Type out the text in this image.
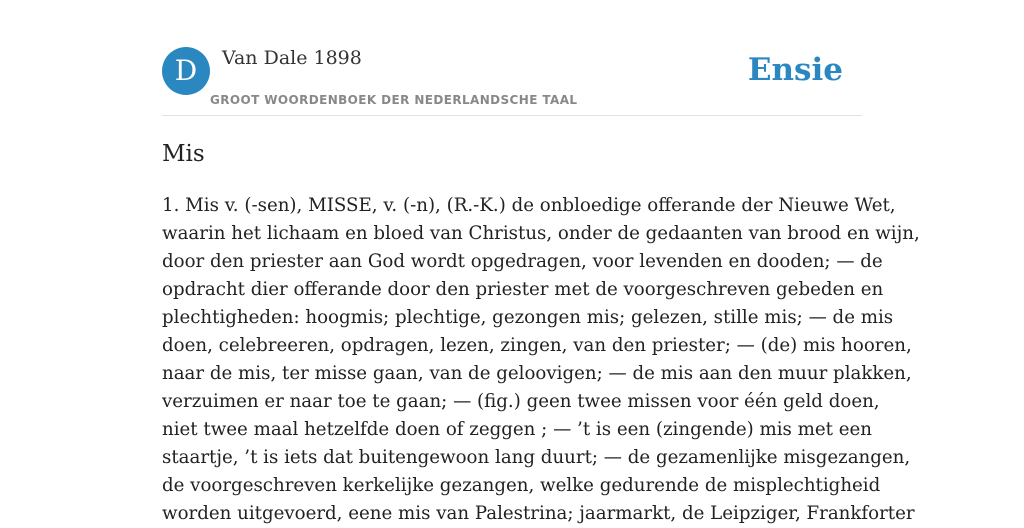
D	Van Dale 1898
GROOT WOORDENBOEK DER NEDERLANDSCHE TAAL
Ensie
Mis
1. Mis v. (-sen), MISSE, v. (-n), (R.-K.) de onbloedige offerande der Nieuwe Wet,
waarin het lichaam en bloed van Christus, onder de gedaanten van brood en wijn,
door den priester aan God wordt opgedragen, voor levenden en dooden; — de
opdracht dier offerande door den priester met de voorgeschreven gebeden en
plechtigheden: hoogmis; plechtige, gezongen mis; gelezen, stille mis; — de mis
doen, celebreeren, opdragen, lezen, zingen, van den priester; — (de) mis hooren,
naar de mis, ter misse gaan, van de geloovigen; — de mis aan den muur plakken,
verzuimen er naar toe te gaan; — (fig.) geen twee missen voor één geld doen,
niet twee maal hetzelfde doen of zeggen ; — ’t is een (zingende) mis met een
staartje, ’t is iets dat buitengewoon lang duurt; — de gezamenlijke misgezangen,
de voorgeschreven kerkelijke gezangen, welke gedurende de misplechtigheid
worden uitgevoerd, eene mis van Palestrina; jaarmarkt, de Leipziger, Frankforter
